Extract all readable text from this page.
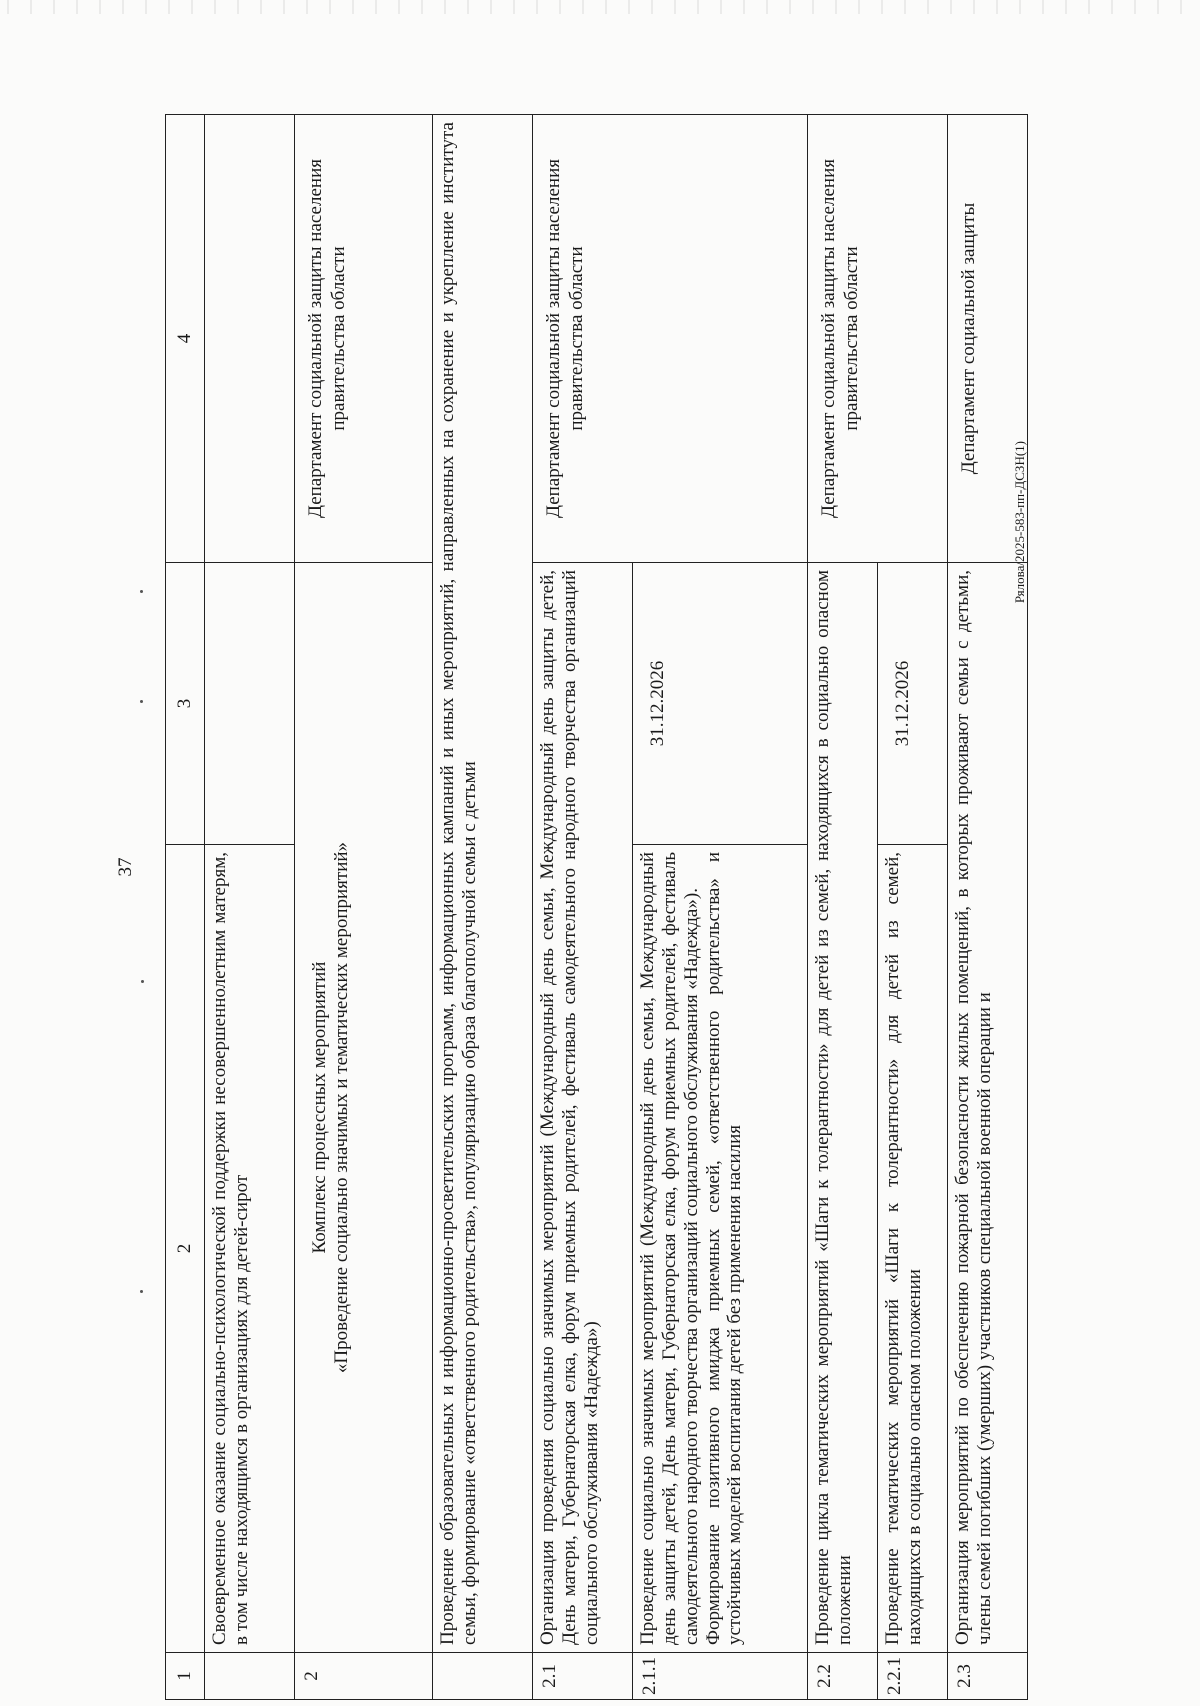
37
Рялова/2025-583-пп-ДСЗН(1)
1	2	3	4
	Своевременное оказание социально-психологической поддержки несовершеннолетним матерям, в том числе находящимся в организациях для детей-сирот		
2	Комплекс процессных мероприятий «Проведение социально значимых и тематических мероприятий»		Департамент социальной защиты населения правительства области
	Проведение образовательных и информационно-просветительских программ, информационных кампаний и иных мероприятий, направленных на сохранение и укрепление института семьи, формирование «ответственного родительства», популяризацию образа благополучной семьи с детьми		
2.1	Организация проведения социально значимых мероприятий (Международный день семьи, Международный день защиты детей, День матери, Губернаторская елка, форум приемных родителей, фестиваль самодеятельного народного творчества организаций социального обслуживания «Надежда»)		Департамент социальной защиты населения правительства области
2.1.1	Проведение социально значимых мероприятий (Международный день семьи, Международный день защиты детей, День матери, Губернаторская елка, форум приемных родителей, фестиваль самодеятельного народного творчества организаций социального обслуживания «Надежда»). Формирование позитивного имиджа приемных семей, «ответственного родительства» и устойчивых моделей воспитания детей без применения насилия	31.12.2026	
2.2	Проведение цикла тематических мероприятий «Шаги к толерантности» для детей из семей, находящихся в социально опасном положении		Департамент социальной защиты населения правительства области
2.2.1	Проведение тематических мероприятий «Шаги к толерантности» для детей из семей, находящихся в социально опасном положении	31.12.2026	
2.3	Организация мероприятий по обеспечению пожарной безопасности жилых помещений, в которых проживают семьи с детьми, члены семей погибших (умерших) участников специальной военной операции и		Департамент социальной защиты
